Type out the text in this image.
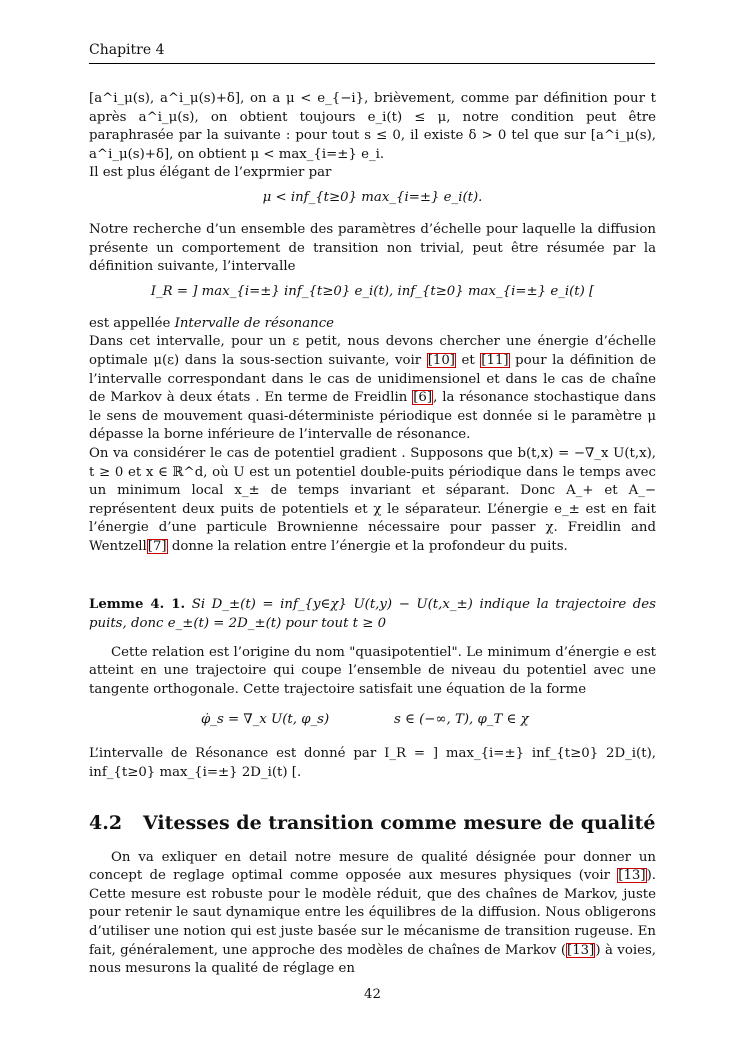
Chapitre 4

[a^i_μ(s), a^i_μ(s)+δ], on a μ < e_{−i}, brièvement, comme par définition pour t après a^i_μ(s), on obtient toujours e_i(t) ≤ μ, notre condition peut être paraphrasée par la suivante : pour tout s ≤ 0, il existe δ > 0 tel que sur [a^i_μ(s), a^i_μ(s)+δ], on obtient μ < max_{i=±} e_i.

Il est plus élégant de l’exprmier par

μ < inf_{t≥0} max_{i=±} e_i(t).

Notre recherche d’un ensemble des paramètres d’échelle pour laquelle la diffusion présente un comportement de transition non trivial, peut être résumée par la définition suivante, l’intervalle

I_R = ] max_{i=±} inf_{t≥0} e_i(t), inf_{t≥0} max_{i=±} e_i(t) [

est appellée Intervalle de résonance

Dans cet intervalle, pour un ε petit, nous devons chercher une énergie d’échelle optimale μ(ε) dans la sous-section suivante, voir [10] et [11] pour la définition de l’intervalle correspondant dans le cas de unidimensionel et dans le cas de chaîne de Markov à deux états . En terme de Freidlin [6], la résonance stochastique dans le sens de mouvement quasi-déterministe périodique est donnée si le paramètre μ dépasse la borne inférieure de l’intervalle de résonance.

On va considérer le cas de potentiel gradient . Supposons que b(t,x) = −∇_x U(t,x), t ≥ 0 et x ∈ ℝ^d, où U est un potentiel double-puits périodique dans le temps avec un minimum local x_± de temps invariant et séparant. Donc A_+ et A_− représentent deux puits de potentiels et χ le séparateur. L’énergie e_± est en fait l’énergie d’une particule Brownienne nécessaire pour passer χ. Freidlin and Wentzell[7] donne la relation entre l’énergie et la profondeur du puits.

Lemme 4. 1. Si D_±(t) = inf_{y∈χ} U(t,y) − U(t,x_±) indique la trajectoire des puits, donc e_±(t) = 2D_±(t) pour tout t ≥ 0

Cette relation est l’origine du nom "quasipotentiel". Le minimum d’énergie e est atteint en une trajectoire qui coupe l’ensemble de niveau du potentiel avec une tangente orthogonale. Cette trajectoire satisfait une équation de la forme

φ̇_s = ∇_x U(t, φ_s)	s ∈ (−∞, T), φ_T ∈ χ

L’intervalle de Résonance est donné par I_R = ] max_{i=±} inf_{t≥0} 2D_i(t), inf_{t≥0} max_{i=±} 2D_i(t) [.

4.2 Vitesses de transition comme mesure de qualité

On va exliquer en detail notre mesure de qualité désignée pour donner un concept de reglage optimal comme opposée aux mesures physiques (voir [13]). Cette mesure est robuste pour le modèle réduit, que des chaînes de Markov, juste pour retenir le saut dynamique entre les équilibres de la diffusion. Nous obligerons d’utiliser une notion qui est juste basée sur le mécanisme de transition rugeuse. En fait, généralement, une approche des modèles de chaînes de Markov ([13]) à voies, nous mesurons la qualité de réglage en

42
